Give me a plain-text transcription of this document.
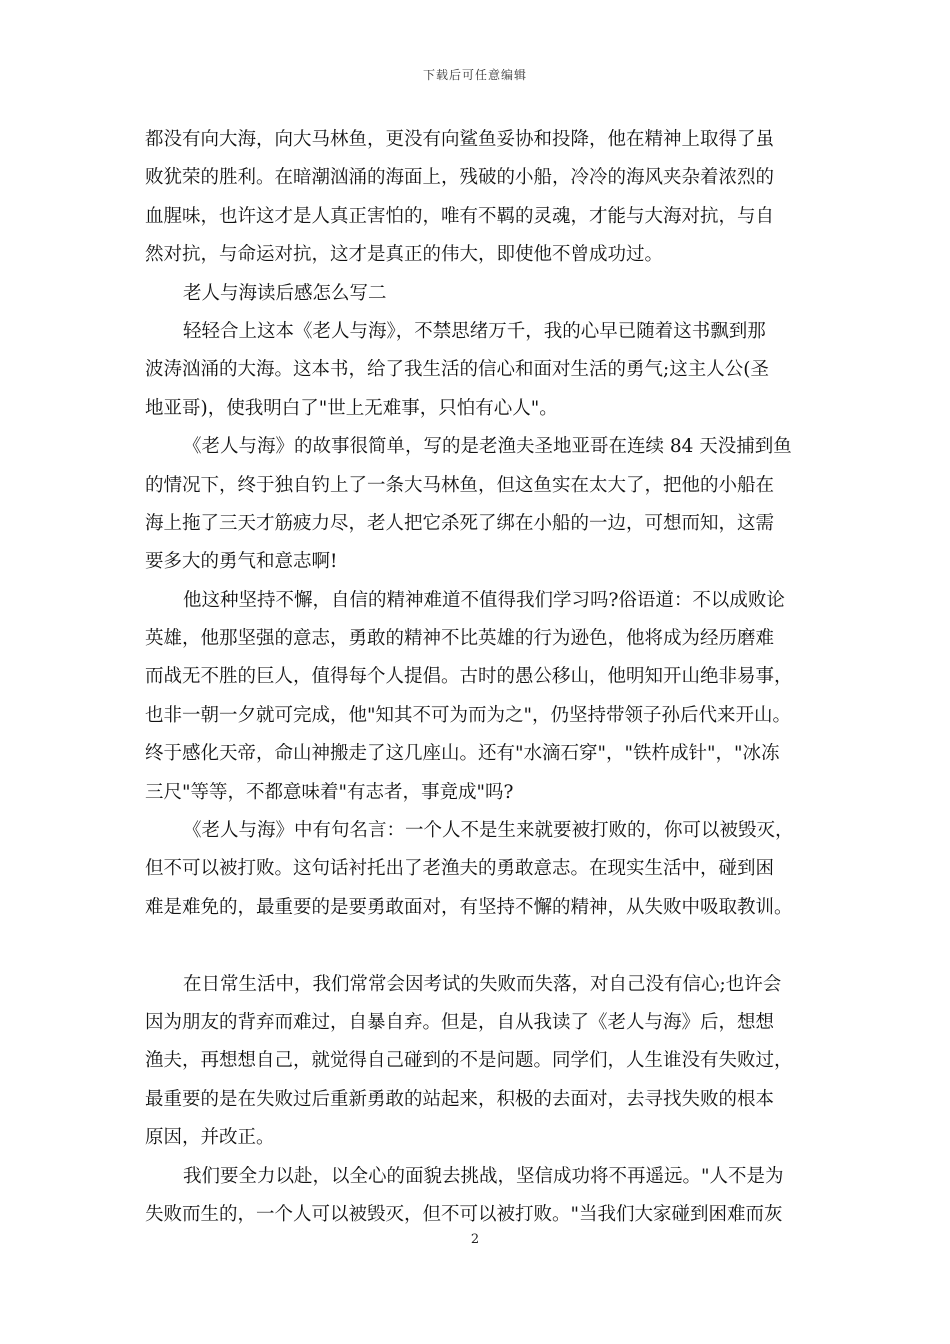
下载后可任意编辑
都没有向大海，向大马林鱼，更没有向鲨鱼妥协和投降，他在精神上取得了虽
败犹荣的胜利。在暗潮汹涌的海面上，残破的小船，冷冷的海风夹杂着浓烈的
血腥味，也许这才是人真正害怕的，唯有不羁的灵魂，才能与大海对抗，与自
然对抗，与命运对抗，这才是真正的伟大，即使他不曾成功过。
老人与海读后感怎么写二
轻轻合上这本《老人与海》，不禁思绪万千，我的心早已随着这书飘到那
波涛汹涌的大海。这本书，给了我生活的信心和面对生活的勇气;这主人公(圣
地亚哥)，使我明白了"世上无难事，只怕有心人"。
《老人与海》的故事很简单，写的是老渔夫圣地亚哥在连续 84 天没捕到鱼
的情况下，终于独自钓上了一条大马林鱼，但这鱼实在太大了，把他的小船在
海上拖了三天才筋疲力尽，老人把它杀死了绑在小船的一边，可想而知，这需
要多大的勇气和意志啊!
他这种坚持不懈，自信的精神难道不值得我们学习吗?俗语道：不以成败论
英雄，他那坚强的意志，勇敢的精神不比英雄的行为逊色，他将成为经历磨难
而战无不胜的巨人，值得每个人提倡。古时的愚公移山，他明知开山绝非易事，
也非一朝一夕就可完成，他"知其不可为而为之"，仍坚持带领子孙后代来开山。
终于感化天帝，命山神搬走了这几座山。还有"水滴石穿"，"铁杵成针"，"冰冻
三尺"等等，不都意味着"有志者，事竟成"吗?
《老人与海》中有句名言：一个人不是生来就要被打败的，你可以被毁灭，
但不可以被打败。这句话衬托出了老渔夫的勇敢意志。在现实生活中，碰到困
难是难免的，最重要的是要勇敢面对，有坚持不懈的精神，从失败中吸取教训。
在日常生活中，我们常常会因考试的失败而失落，对自己没有信心;也许会
因为朋友的背弃而难过，自暴自弃。但是，自从我读了《老人与海》后，想想
渔夫，再想想自己，就觉得自己碰到的不是问题。同学们，人生谁没有失败过，
最重要的是在失败过后重新勇敢的站起来，积极的去面对，去寻找失败的根本
原因，并改正。
我们要全力以赴，以全心的面貌去挑战，坚信成功将不再遥远。"人不是为
失败而生的，一个人可以被毁灭，但不可以被打败。"当我们大家碰到困难而灰
2
